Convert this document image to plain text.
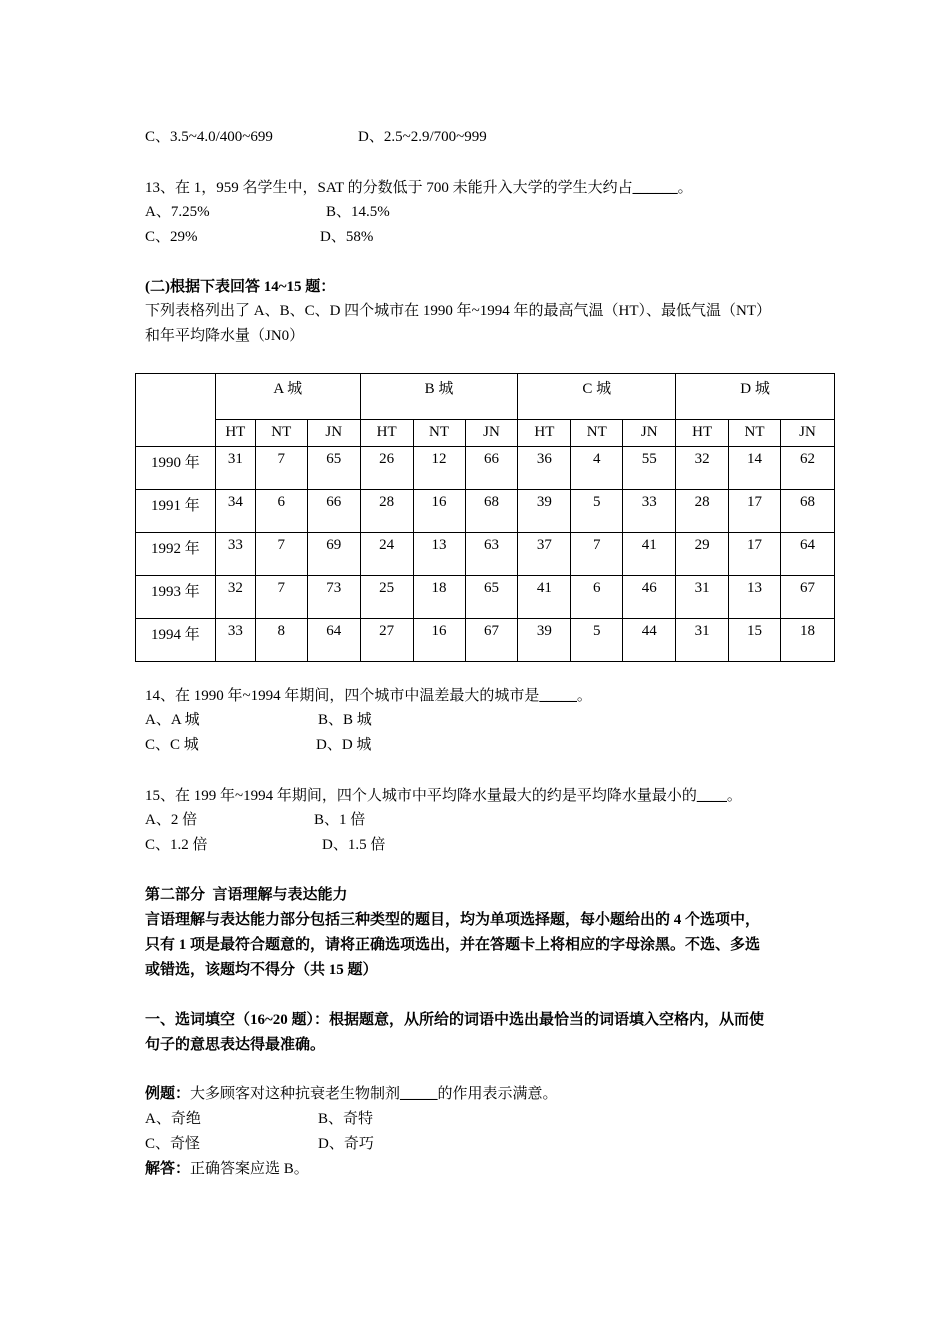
C、3.5~4.0/400~699	D、2.5~2.9/700~999
13、在 1，959 名学生中，SAT 的分数低于 700 未能升入大学的学生大约占______。
A、7.25%	B、14.5%
C、29%	D、58%
(二)根据下表回答 14~15 题：
下列表格列出了 A、B、C、D 四个城市在 1990 年~1994 年的最高气温（HT）、最低气温（NT）
和年平均降水量（JN0）
	A 城			B 城			C 城			D 城		
	HT	NT	JN	HT	NT	JN	HT	NT	JN	HT	NT	JN
1990 年	31	7	65	26	12	66	36	4	55	32	14	62
1991 年	34	6	66	28	16	68	39	5	33	28	17	68
1992 年	33	7	69	24	13	63	37	7	41	29	17	64
1993 年	32	7	73	25	18	65	41	6	46	31	13	67
1994 年	33	8	64	27	16	67	39	5	44	31	15	18
14、在 1990 年~1994 年期间，四个城市中温差最大的城市是_____。
A、A 城	B、B 城
C、C 城	D、D 城
15、在 199 年~1994 年期间，四个人城市中平均降水量最大的约是平均降水量最小的____。
A、2 倍	B、1 倍
C、1.2 倍	D、1.5 倍
第二部分  言语理解与表达能力
言语理解与表达能力部分包括三种类型的题目，均为单项选择题，每小题给出的 4 个选项中，
只有 1 项是最符合题意的，请将正确选项选出，并在答题卡上将相应的字母涂黑。不选、多选
或错选，该题均不得分（共 15 题）
一、选词填空（16~20 题）：根据题意，从所给的词语中选出最恰当的词语填入空格内，从而使
句子的意思表达得最准确。
例题：大多顾客对这种抗衰老生物制剂_____的作用表示满意。
A、奇绝	B、奇特
C、奇怪	D、奇巧
解答：正确答案应选 B。
